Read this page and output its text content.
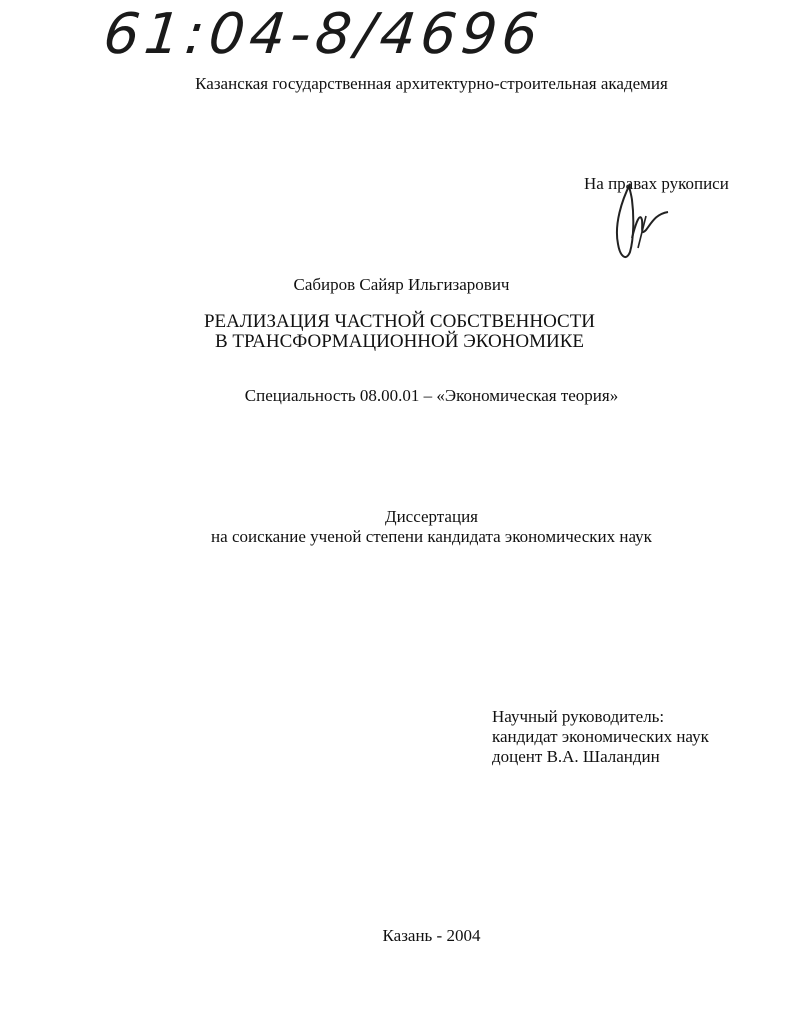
61:04-8/4696

Казанская государственная архитектурно-строительная академия

На правах рукописи

Сабиров Сайяр Ильгизарович

РЕАЛИЗАЦИЯ ЧАСТНОЙ СОБСТВЕННОСТИ
В ТРАНСФОРМАЦИОННОЙ ЭКОНОМИКЕ

Специальность 08.00.01 – «Экономическая теория»

Диссертация
на соискание ученой степени кандидата экономических наук
Научный руководитель:
кандидат экономических наук
доцент В.А. Шаландин

Казань - 2004
